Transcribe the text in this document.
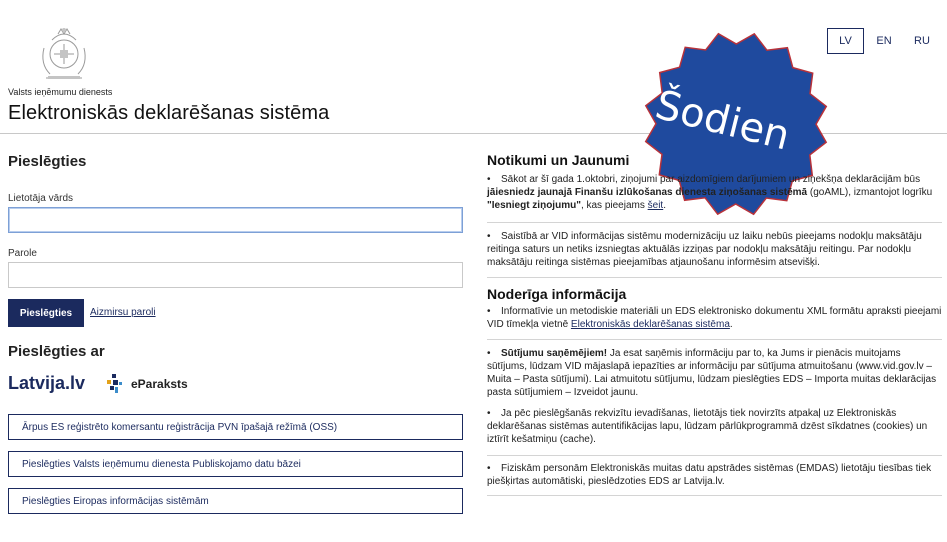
Valsts ieņēmumu dienests
Elektroniskās deklarēšanas sistēma
LV	EN	RU
Šodien
Pieslēgties
Lietotāja vārds
Parole
Pieslēgties	Aizmirsu paroli
Pieslēgties ar
Latvija.lv	eParaksts
Ārpus ES reģistrēto komersantu reģistrācija PVN īpašajā režīmā (OSS)
Pieslēgties Valsts ieņēmumu dienesta Publiskojamo datu bāzei
Pieslēgties Eiropas informācijas sistēmām
Notikumi un Jaunumi
• Sākot ar šī gada 1.oktobri, ziņojumi par aizdomīgiem darījumiem un ziņekšņa deklarācijām būs jāiesniedz jaunajā Finanšu izlūkošanas dienesta ziņošanas sistēmā (goAML), izmantojot logrīku "Iesniegt ziņojumu", kas pieejams šeit.
• Saistībā ar VID informācijas sistēmu modernizāciju uz laiku nebūs pieejams nodokļu maksātāju reitinga saturs un netiks izsniegtas aktuālās izziņas par nodokļu maksātāju reitingu. Par nodokļu maksātāju reitinga sistēmas pieejamības atjaunošanu informēsim atsevišķi.
Noderīga informācija
• Informatīvie un metodiskie materiāli un EDS elektronisko dokumentu XML formātu apraksti pieejami VID tīmekļa vietnē Elektroniskās deklarēšanas sistēma.
• Sūtījumu saņēmējiem! Ja esat saņēmis informāciju par to, ka Jums ir pienācis muitojams sūtījums, lūdzam VID mājaslapā iepazīties ar informāciju par sūtījuma atmuitošanu (www.vid.gov.lv – Muita – Pasta sūtījumi). Lai atmuitotu sūtījumu, lūdzam pieslēgties EDS – Importa muitas deklarācijas pasta sūtījumiem – Izveidot jaunu.
• Ja pēc pieslēgšanās rekvizītu ievadīšanas, lietotājs tiek novirzīts atpakaļ uz Elektroniskās deklarēšanas sistēmas autentifikācijas lapu, lūdzam pārlūkprogrammā dzēst sīkdatnes (cookies) un iztīrīt kešatmiņu (cache).
• Fiziskām personām Elektroniskās muitas datu apstrādes sistēmas (EMDAS) lietotāju tiesības tiek piešķirtas automātiski, pieslēdzoties EDS ar Latvija.lv.
